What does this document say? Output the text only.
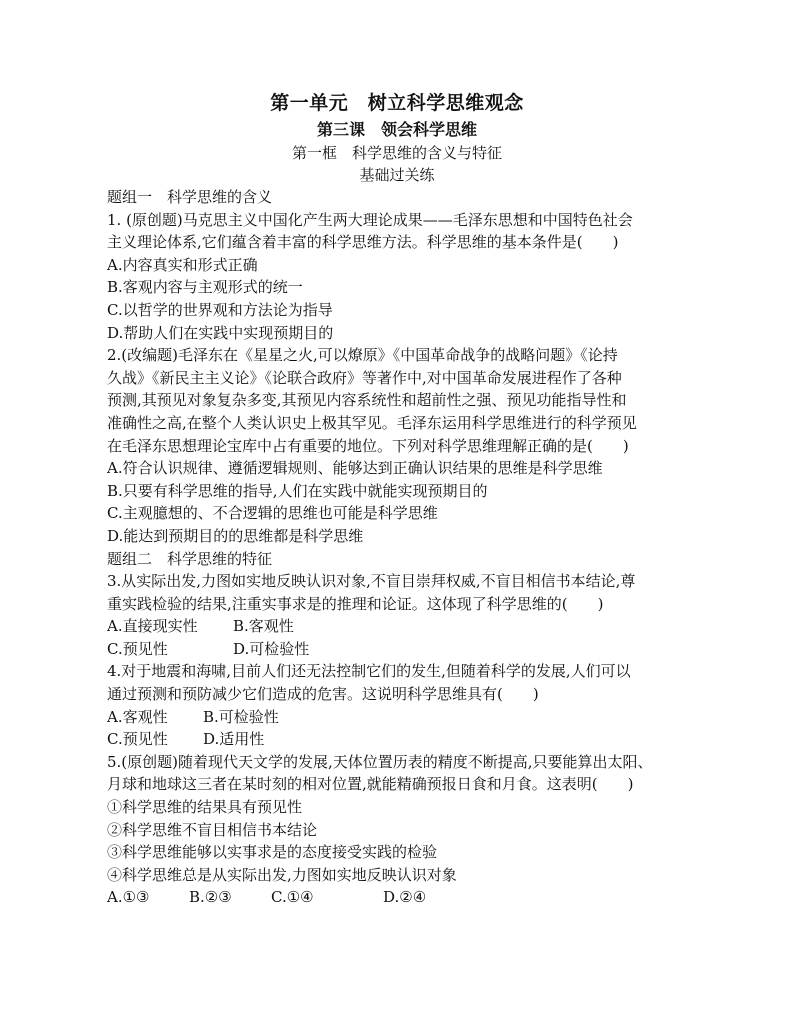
第一单元　树立科学思维观念
第三课　领会科学思维
第一框　科学思维的含义与特征
基础过关练
题组一　科学思维的含义
1. (原创题)马克思主义中国化产生两大理论成果——毛泽东思想和中国特色社会
主义理论体系,它们蕴含着丰富的科学思维方法。科学思维的基本条件是(　　)
A.内容真实和形式正确
B.客观内容与主观形式的统一
C.以哲学的世界观和方法论为指导
D.帮助人们在实践中实现预期目的
2.(改编题)毛泽东在《星星之火,可以燎原》《中国革命战争的战略问题》《论持
久战》《新民主主义论》《论联合政府》等著作中,对中国革命发展进程作了各种
预测,其预见对象复杂多变,其预见内容系统性和超前性之强、预见功能指导性和
准确性之高,在整个人类认识史上极其罕见。毛泽东运用科学思维进行的科学预见
在毛泽东思想理论宝库中占有重要的地位。下列对科学思维理解正确的是(　　)
A.符合认识规律、遵循逻辑规则、能够达到正确认识结果的思维是科学思维
B.只要有科学思维的指导,人们在实践中就能实现预期目的
C.主观臆想的、不合逻辑的思维也可能是科学思维
D.能达到预期目的的思维都是科学思维
题组二　科学思维的特征
3.从实际出发,力图如实地反映认识对象,不盲目崇拜权威,不盲目相信书本结论,尊
重实践检验的结果,注重实事求是的推理和论证。这体现了科学思维的(　　)
A.直接现实性 B.客观性
C.预见性	D.可检验性
4.对于地震和海啸,目前人们还无法控制它们的发生,但随着科学的发展,人们可以
通过预测和预防减少它们造成的危害。这说明科学思维具有(　　)
A.客观性 B.可检验性
C.预见性 D.适用性
5.(原创题)随着现代天文学的发展,天体位置历表的精度不断提高,只要能算出太阳、
月球和地球这三者在某时刻的相对位置,就能精确预报日食和月食。这表明(　　)
①科学思维的结果具有预见性
②科学思维不盲目相信书本结论
③科学思维能够以实事求是的态度接受实践的检验
④科学思维总是从实际出发,力图如实地反映认识对象
A.①③	B.②③	C.①④	D.②④
